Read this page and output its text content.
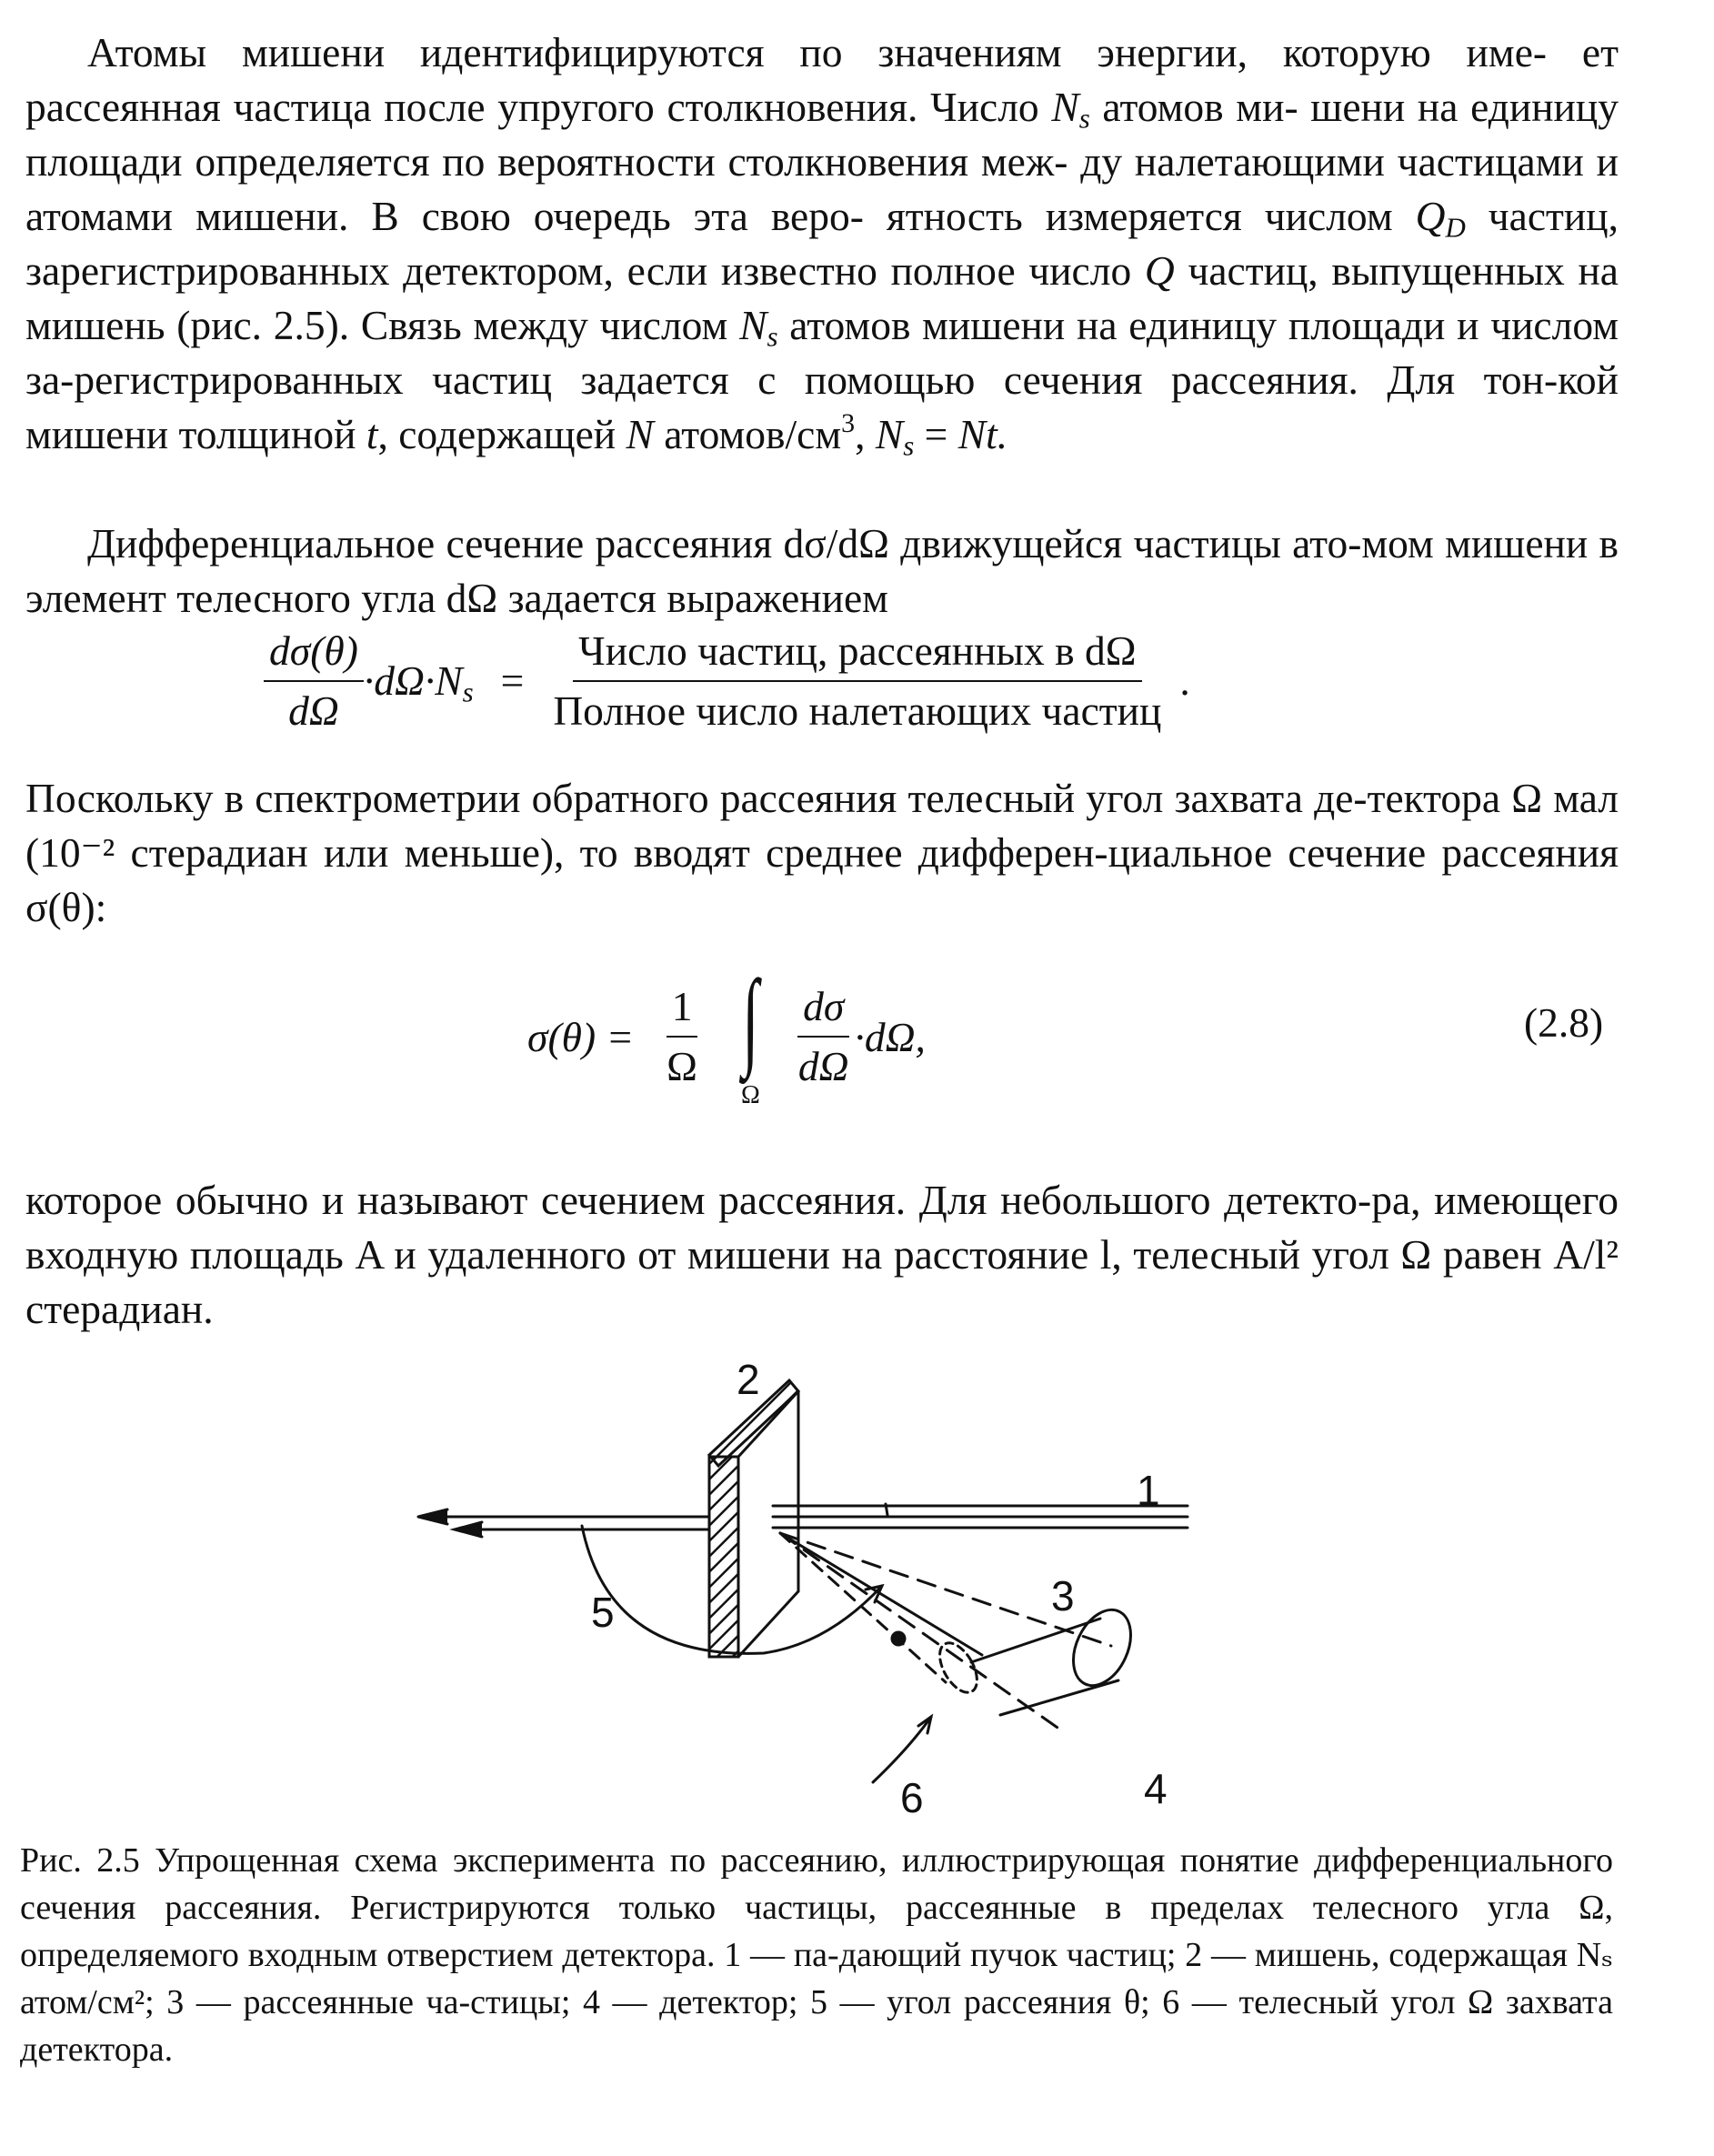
Атомы мишени идентифицируются по значениям энергии, которую име- ет рассеянная частица после упругого столкновения. Число $N_s$ атомов ми- шени на единицу площади определяется по вероятности столкновения меж- ду налетающими частицами и атомами мишени. В свою очередь эта веро- ятность измеряется числом $Q_D$ частиц, зарегистрированных детектором, если известно полное число Q частиц, выпущенных на мишень (рис. 2.5). Связь между числом $N_s$ атомов мишени на единицу площади и числом за-регистрированных частиц задается с помощью сечения рассеяния. Для тон-кой мишени толщиной t, содержащей N атомов/$см^3$, $N_s = Nt$.

Дифференциальное сечение рассеяния dσ/dΩ движущейся частицы ато-мом мишени в элемент телесного угла dΩ задается выражением

$\frac{d\sigma(\theta)}{d\Omega} \cdot d\Omega\cdot N_s = \frac{\text{Число частиц, рассеянных в dΩ}}{\text{Полное число налетающих частиц}}$ .

Поскольку в спектрометрии обратного рассеяния телесный угол захвата де-тектора Ω мал (10⁻² стерадиан или меньше), то вводят среднее дифферен-циальное сечение рассеяния σ(θ):

$\sigma(\theta) = \frac{1}{\Omega}$ ∫
Ω
$\frac{d\sigma}{d\Omega} \cdot d\Omega$,	(2.8)

которое обычно и называют сечением рассеяния. Для небольшого детекто-ра, имеющего входную площадь A и удаленного от мишени на расстояние l, телесный угол Ω равен A/l² стерадиан.

1
2
3
4
5
6

Рис. 2.5 Упрощенная схема эксперимента по рассеянию, иллюстрирующая понятие дифференциального сечения рассеяния. Регистрируются только частицы, рассеянные в пределах телесного угла Ω, определяемого входным отверстием детектора. 1 — па-дающий пучок частиц; 2 — мишень, содержащая Nₛ атом/см²; 3 — рассеянные ча-стицы; 4 — детектор; 5 — угол рассеяния θ; 6 — телесный угол Ω захвата детектора.
